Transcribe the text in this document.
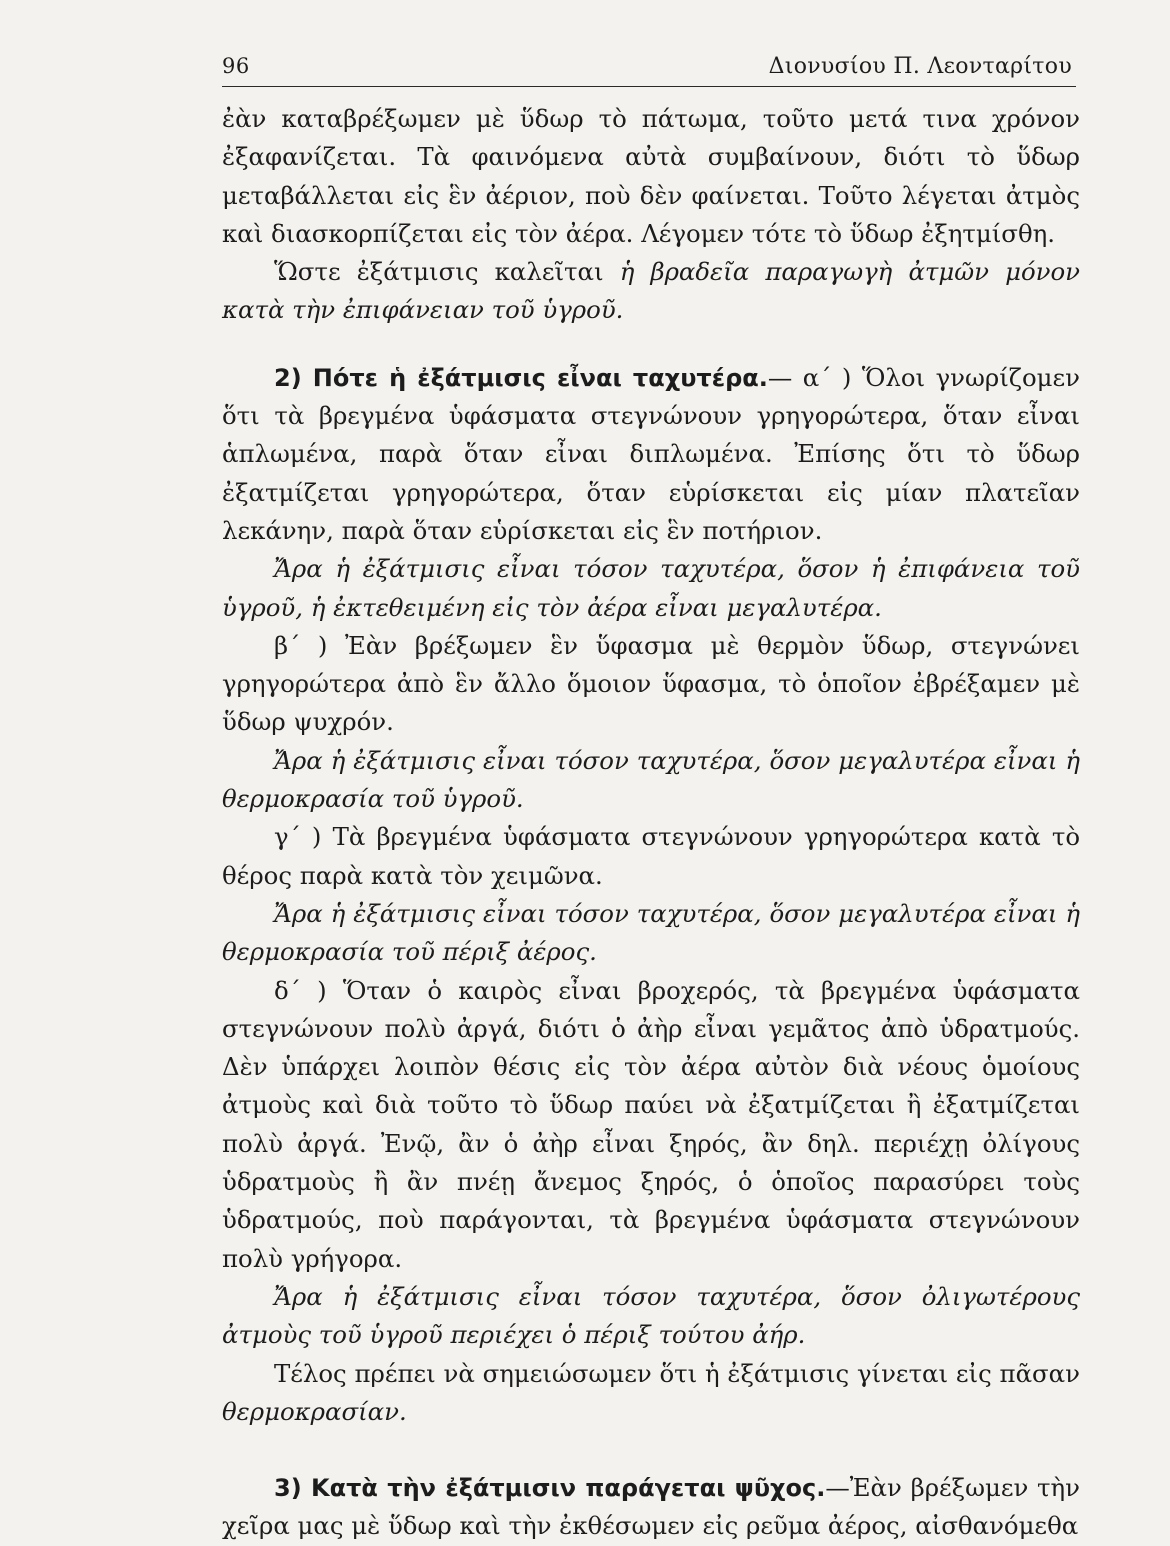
96	Διονυσίου Π. Λεονταρίτου

ἐὰν καταβρέξωμεν μὲ ὕδωρ τὸ πάτωμα, τοῦτο μετά τινα χρόνον ἐξαφανίζεται. Τὰ φαινόμενα αὐτὰ συμβαίνουν, διότι τὸ ὕδωρ μεταβάλλεται εἰς ἓν ἀέριον, ποὺ δὲν φαίνεται. Τοῦτο λέγεται ἀτμὸς καὶ διασκορπίζεται εἰς τὸν ἀέρα. Λέγομεν τότε τὸ ὕδωρ ἐξητμίσθη.

Ὥστε ἐξάτμισις καλεῖται ἡ βραδεῖα παραγωγὴ ἀτμῶν μόνον κατὰ τὴν ἐπιφάνειαν τοῦ ὑγροῦ.

2) Πότε ἡ ἐξάτμισις εἶναι ταχυτέρα.— α΄ ) Ὅλοι γνωρίζομεν ὅτι τὰ βρεγμένα ὑφάσματα στεγνώνουν γρηγορώτερα, ὅταν εἶναι ἁπλωμένα, παρὰ ὅταν εἶναι διπλωμένα. Ἐπίσης ὅτι τὸ ὕδωρ ἐξατμίζεται γρηγορώτερα, ὅταν εὑρίσκεται εἰς μίαν πλατεῖαν λεκάνην, παρὰ ὅταν εὑρίσκεται εἰς ἓν ποτήριον.

Ἄρα ἡ ἐξάτμισις εἶναι τόσον ταχυτέρα, ὅσον ἡ ἐπιφάνεια τοῦ ὑγροῦ, ἡ ἐκτεθειμένη εἰς τὸν ἀέρα εἶναι μεγαλυτέρα.

β΄ ) Ἐὰν βρέξωμεν ἓν ὕφασμα μὲ θερμὸν ὕδωρ, στεγνώνει γρηγορώτερα ἀπὸ ἓν ἄλλο ὅμοιον ὕφασμα, τὸ ὁποῖον ἐβρέξαμεν μὲ ὕδωρ ψυχρόν.

Ἄρα ἡ ἐξάτμισις εἶναι τόσον ταχυτέρα, ὅσον μεγαλυτέρα εἶναι ἡ θερμοκρασία τοῦ ὑγροῦ.

γ΄ ) Τὰ βρεγμένα ὑφάσματα στεγνώνουν γρηγορώτερα κατὰ τὸ θέρος παρὰ κατὰ τὸν χειμῶνα.

Ἄρα ἡ ἐξάτμισις εἶναι τόσον ταχυτέρα, ὅσον μεγαλυτέρα εἶναι ἡ θερμοκρασία τοῦ πέριξ ἀέρος.

δ΄ ) Ὅταν ὁ καιρὸς εἶναι βροχερός, τὰ βρεγμένα ὑφάσματα στεγνώνουν πολὺ ἀργά, διότι ὁ ἀὴρ εἶναι γεμᾶτος ἀπὸ ὑδρατμούς. Δὲν ὑπάρχει λοιπὸν θέσις εἰς τὸν ἀέρα αὐτὸν διὰ νέους ὁμοίους ἀτμοὺς καὶ διὰ τοῦτο τὸ ὕδωρ παύει νὰ ἐξατμίζεται ἢ ἐξατμίζεται πολὺ ἀργά. Ἐνῷ, ἂν ὁ ἀὴρ εἶναι ξηρός, ἂν δηλ. περιέχῃ ὀλίγους ὑδρατμοὺς ἢ ἂν πνέῃ ἄνεμος ξηρός, ὁ ὁποῖος παρασύρει τοὺς ὑδρατμούς, ποὺ παράγονται, τὰ βρεγμένα ὑφάσματα στεγνώνουν πολὺ γρήγορα.

Ἄρα ἡ ἐξάτμισις εἶναι τόσον ταχυτέρα, ὅσον ὀλιγωτέρους ἀτμοὺς τοῦ ὑγροῦ περιέχει ὁ πέριξ τούτου ἀήρ.

Τέλος πρέπει νὰ σημειώσωμεν ὅτι ἡ ἐξάτμισις γίνεται εἰς πᾶσαν θερμοκρασίαν.

3) Κατὰ τὴν ἐξάτμισιν παράγεται ψῦχος.—Ἐὰν βρέξωμεν τὴν χεῖρα μας μὲ ὕδωρ καὶ τὴν ἐκθέσωμεν εἰς ρεῦμα ἀέρος, αἰσθανόμεθα
